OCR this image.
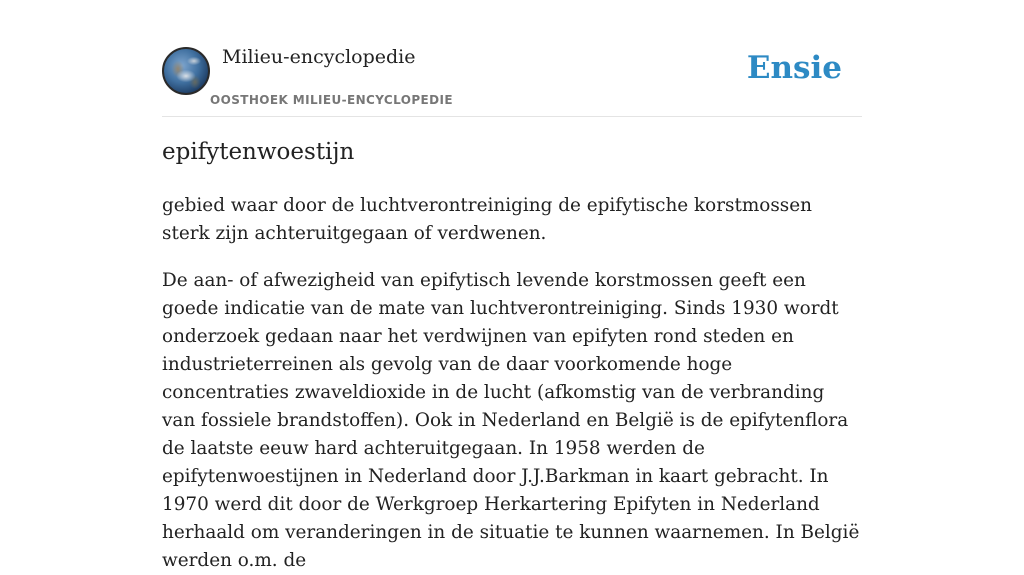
Milieu-encyclopedie
OOSTHOEK MILIEU-ENCYCLOPEDIE
Ensie
epifytenwoestijn

gebied waar door de luchtverontreiniging de epifytische korstmossen sterk zijn achteruitgegaan of verdwenen.

De aan- of afwezigheid van epifytisch levende korstmossen geeft een goede indicatie van de mate van luchtverontreiniging. Sinds 1930 wordt onderzoek gedaan naar het verdwijnen van epifyten rond steden en industrieterreinen als gevolg van de daar voorkomende hoge concentraties zwaveldioxide in de lucht (afkomstig van de verbranding van fossiele brandstoffen). Ook in Nederland en België is de epifytenflora de laatste eeuw hard achteruitgegaan. In 1958 werden de epifytenwoestijnen in Nederland door J.J.Barkman in kaart gebracht. In 1970 werd dit door de Werkgroep Herkartering Epifyten in Nederland herhaald om veranderingen in de situatie te kunnen waarnemen. In België werden o.m. de
